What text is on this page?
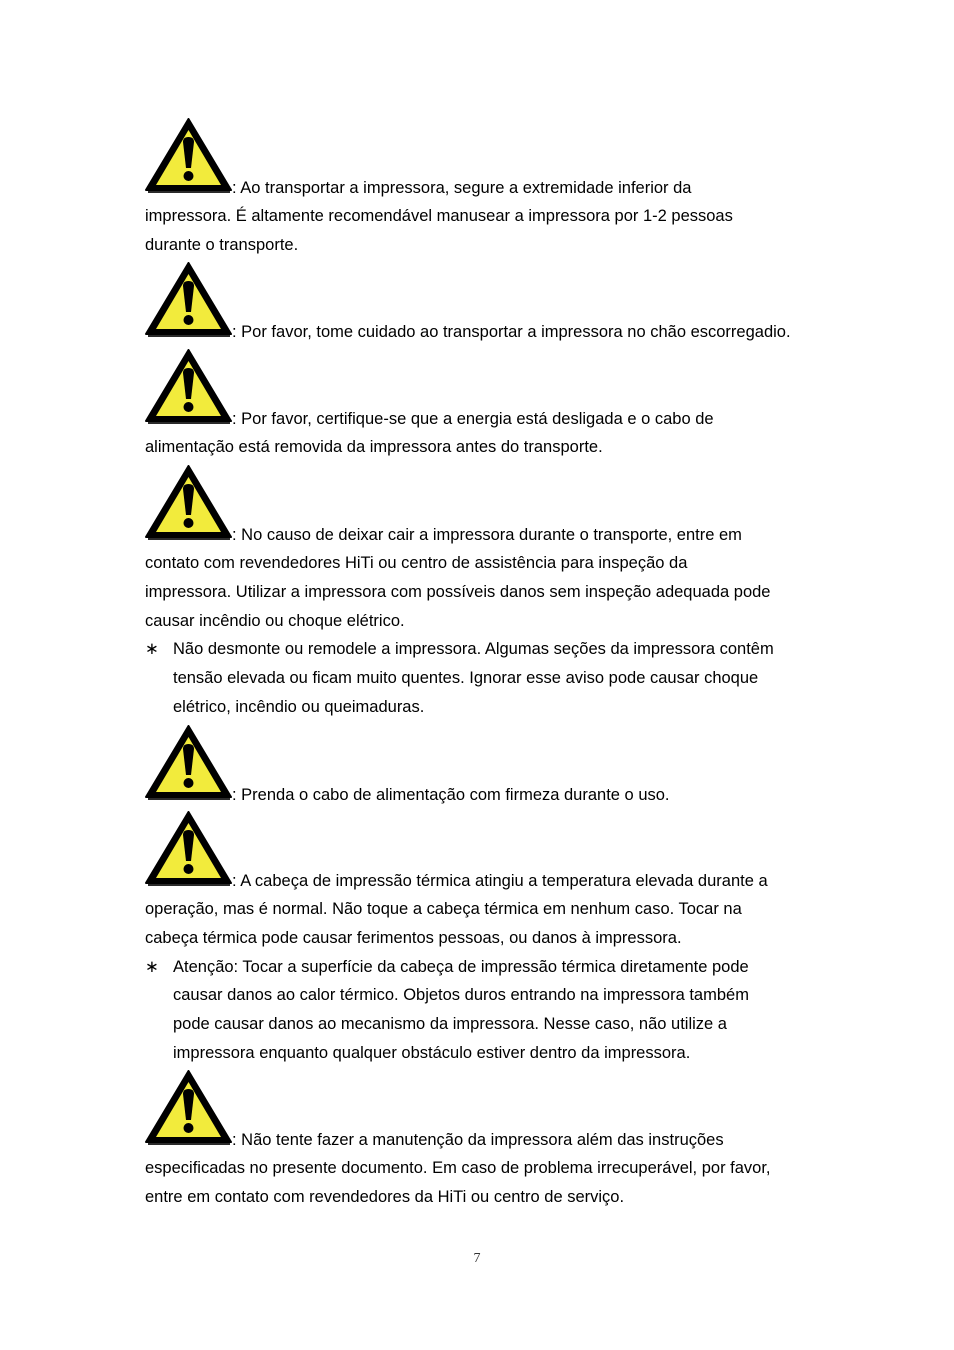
: Ao transportar a impressora, segure a extremidade inferior da
impressora. É altamente recomendável manusear a impressora por 1-2 pessoas
durante o transporte.
: Por favor, tome cuidado ao transportar a impressora no chão escorregadio.
: Por favor, certifique-se que a energia está desligada e o cabo de
alimentação está removida da impressora antes do transporte.
: No causo de deixar cair a impressora durante o transporte, entre em
contato com revendedores HiTi ou centro de assistência para inspeção da
impressora. Utilizar a impressora com possíveis danos sem inspeção adequada pode
causar incêndio ou choque elétrico.
∗ Não desmonte ou remodele a impressora. Algumas seções da impressora contêm
tensão elevada ou ficam muito quentes. Ignorar esse aviso pode causar choque
elétrico, incêndio ou queimaduras.
: Prenda o cabo de alimentação com firmeza durante o uso.
: A cabeça de impressão térmica atingiu a temperatura elevada durante a
operação, mas é normal. Não toque a cabeça térmica em nenhum caso. Tocar na
cabeça térmica pode causar ferimentos pessoas, ou danos à impressora.
∗ Atenção: Tocar a superfície da cabeça de impressão térmica diretamente pode
causar danos ao calor térmico. Objetos duros entrando na impressora também
pode causar danos ao mecanismo da impressora. Nesse caso, não utilize a
impressora enquanto qualquer obstáculo estiver dentro da impressora.
: Não tente fazer a manutenção da impressora além das instruções
especificadas no presente documento. Em caso de problema irrecuperável, por favor,
entre em contato com revendedores da HiTi ou centro de serviço.
7
